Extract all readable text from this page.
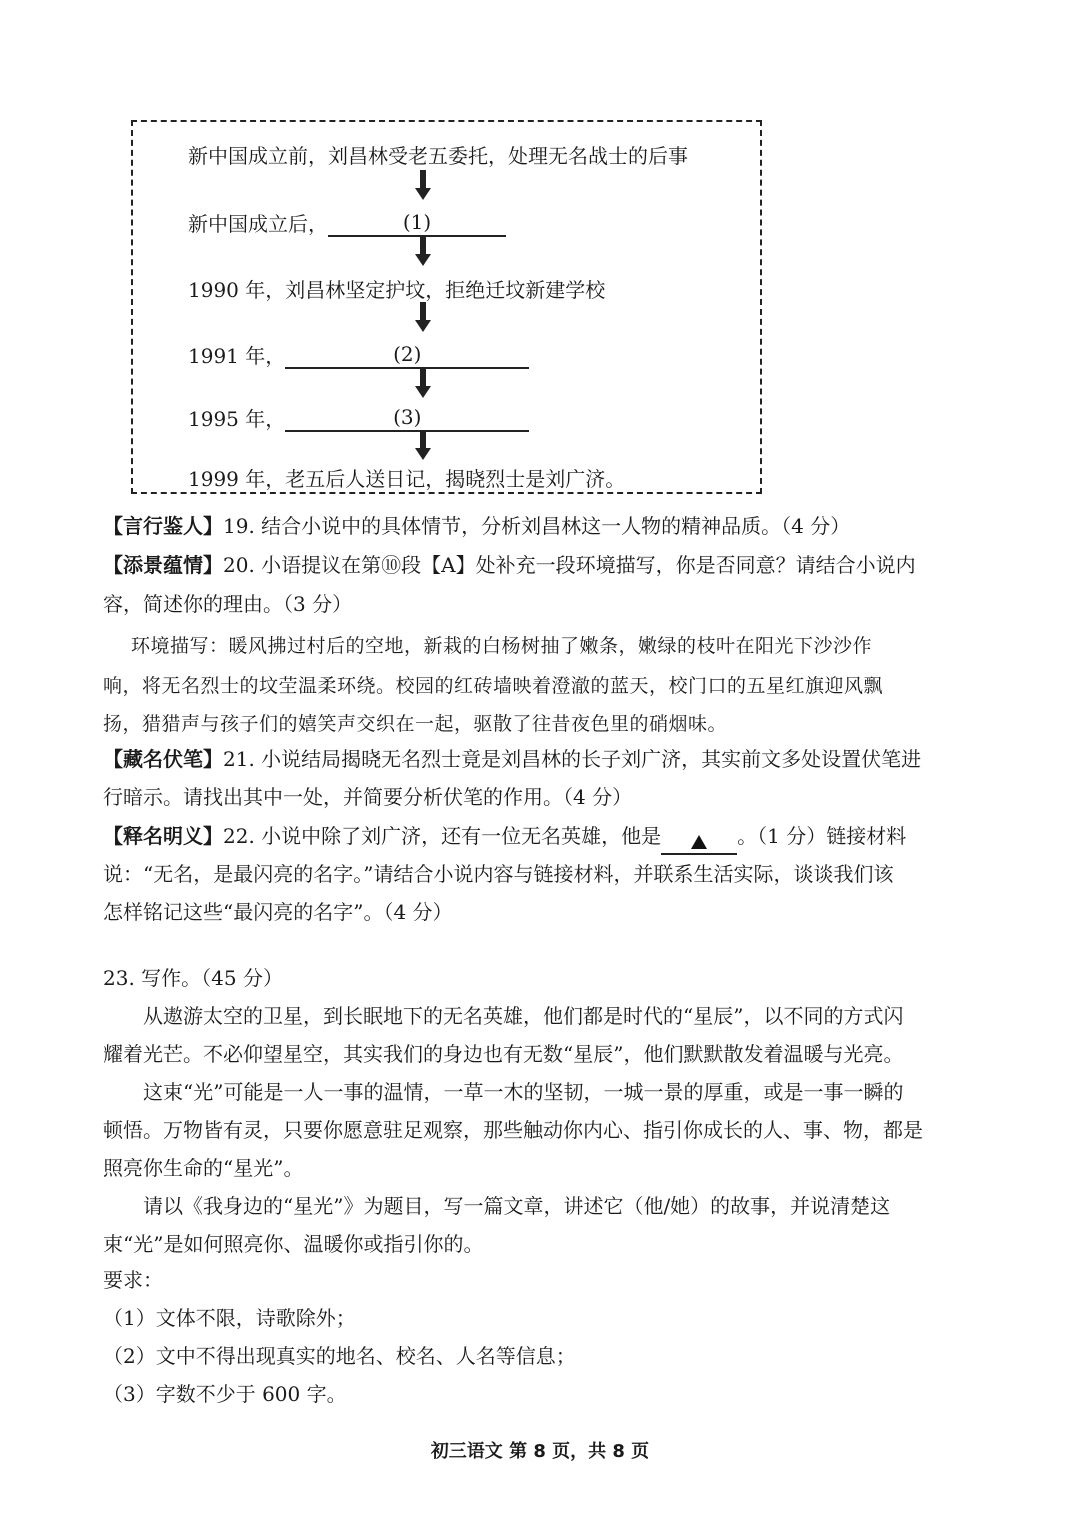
新中国成立前，刘昌林受老五委托，处理无名战士的后事
新中国成立后，	(1)
1990 年，刘昌林坚定护坟，拒绝迁坟新建学校
1991 年，	(2)
1995 年，	(3)
1999 年，老五后人送日记，揭晓烈士是刘广济。
【言行鉴人】19. 结合小说中的具体情节，分析刘昌林这一人物的精神品质。（4 分）
【添景蕴情】20. 小语提议在第⑩段【A】处补充一段环境描写，你是否同意？请结合小说内
容，简述你的理由。（3 分）
环境描写：暖风拂过村后的空地，新栽的白杨树抽了嫩条，嫩绿的枝叶在阳光下沙沙作
响，将无名烈士的坟茔温柔环绕。校园的红砖墙映着澄澈的蓝天，校门口的五星红旗迎风飘
扬，猎猎声与孩子们的嬉笑声交织在一起，驱散了往昔夜色里的硝烟味。
【藏名伏笔】21. 小说结局揭晓无名烈士竟是刘昌林的长子刘广济，其实前文多处设置伏笔进
行暗示。请找出其中一处，并简要分析伏笔的作用。（4 分）
【释名明义】22. 小说中除了刘广济，还有一位无名英雄，他是	。（1 分）链接材料
说：“无名，是最闪亮的名字。”请结合小说内容与链接材料，并联系生活实际，谈谈我们该
怎样铭记这些“最闪亮的名字”。（4 分）
23. 写作。（45 分）
从遨游太空的卫星，到长眠地下的无名英雄，他们都是时代的“星辰”，以不同的方式闪
耀着光芒。不必仰望星空，其实我们的身边也有无数“星辰”，他们默默散发着温暖与光亮。
这束“光”可能是一人一事的温情，一草一木的坚韧，一城一景的厚重，或是一事一瞬的
顿悟。万物皆有灵，只要你愿意驻足观察，那些触动你内心、指引你成长的人、事、物，都是
照亮你生命的“星光”。
请以《我身边的“星光”》为题目，写一篇文章，讲述它（他/她）的故事，并说清楚这
束“光”是如何照亮你、温暖你或指引你的。
要求：
（1）文体不限，诗歌除外；
（2）文中不得出现真实的地名、校名、人名等信息；
（3）字数不少于 600 字。
初三语文 第 8 页，共 8 页
